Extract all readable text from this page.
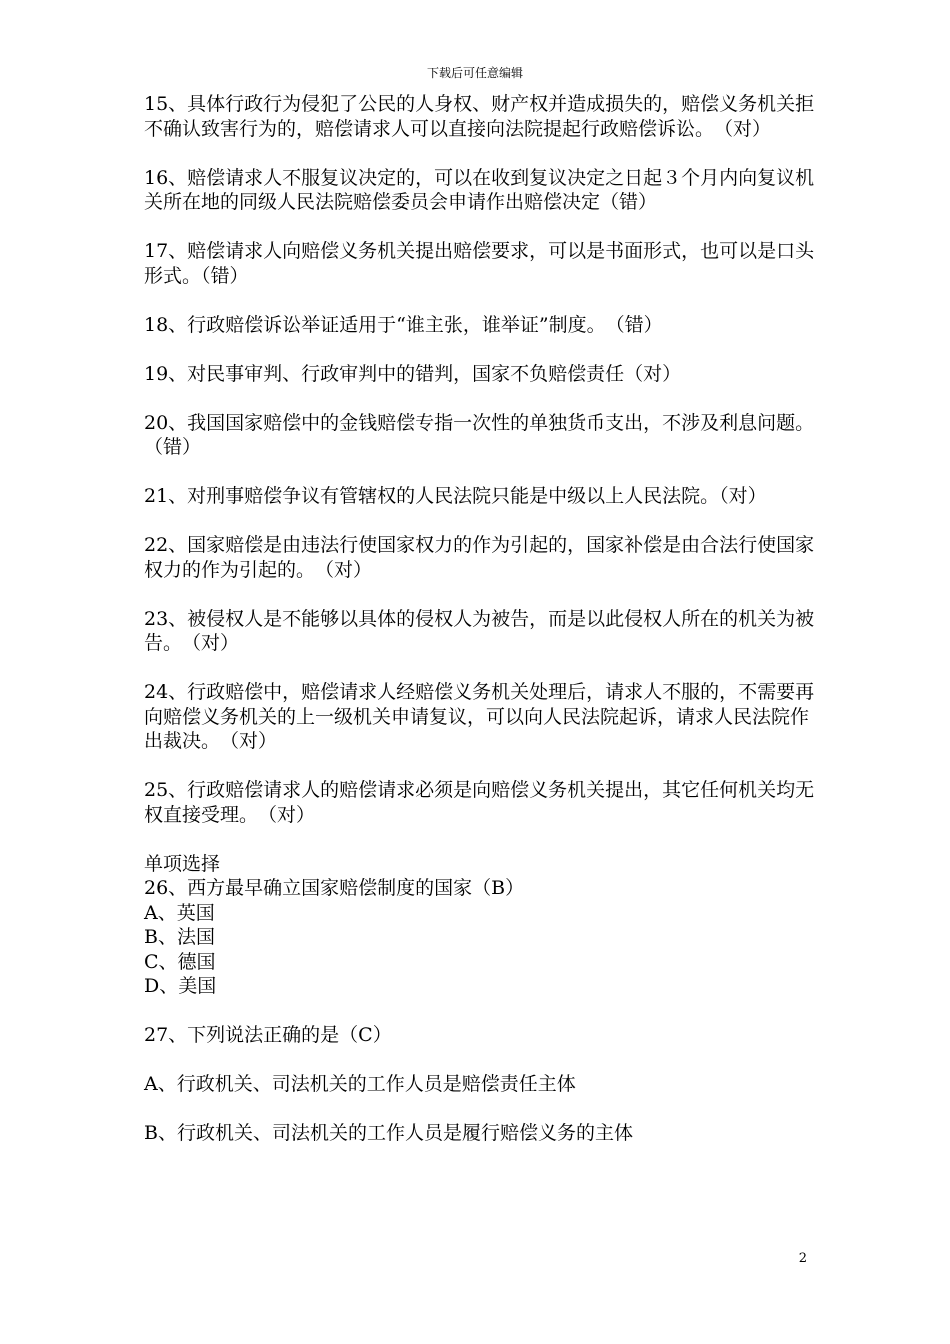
下载后可任意编辑

15、具体行政行为侵犯了公民的人身权、财产权并造成损失的，赔偿义务机关拒不确认致害行为的，赔偿请求人可以直接向法院提起行政赔偿诉讼。　（对）

16、赔偿请求人不服复议决定的，可以在收到复议决定之日起３个月内向复议机关所在地的同级人民法院赔偿委员会申请作出赔偿决定（错）

17、赔偿请求人向赔偿义务机关提出赔偿要求，可以是书面形式，也可以是口头形式。（错）

18、行政赔偿诉讼举证适用于“谁主张，谁举证”制度。　（错）

19、对民事审判、行政审判中的错判，国家不负赔偿责任（对）

20、我国国家赔偿中的金钱赔偿专指一次性的单独货币支出，不涉及利息问题。　（错）

21、对刑事赔偿争议有管辖权的人民法院只能是中级以上人民法院。（对）

22、国家赔偿是由违法行使国家权力的作为引起的，国家补偿是由合法行使国家权力的作为引起的。　（对）

23、被侵权人是不能够以具体的侵权人为被告，而是以此侵权人所在的机关为被告。　（对）

24、行政赔偿中，赔偿请求人经赔偿义务机关处理后，请求人不服的，不需要再向赔偿义务机关的上一级机关申请复议，可以向人民法院起诉，请求人民法院作出裁决。　（对）

25、行政赔偿请求人的赔偿请求必须是向赔偿义务机关提出，其它任何机关均无权直接受理。　（对）

单项选择

26、西方最早确立国家赔偿制度的国家（B）

A、英国

B、法国

C、德国

D、美国

27、下列说法正确的是（C）

A、行政机关、司法机关的工作人员是赔偿责任主体

B、行政机关、司法机关的工作人员是履行赔偿义务的主体

2
